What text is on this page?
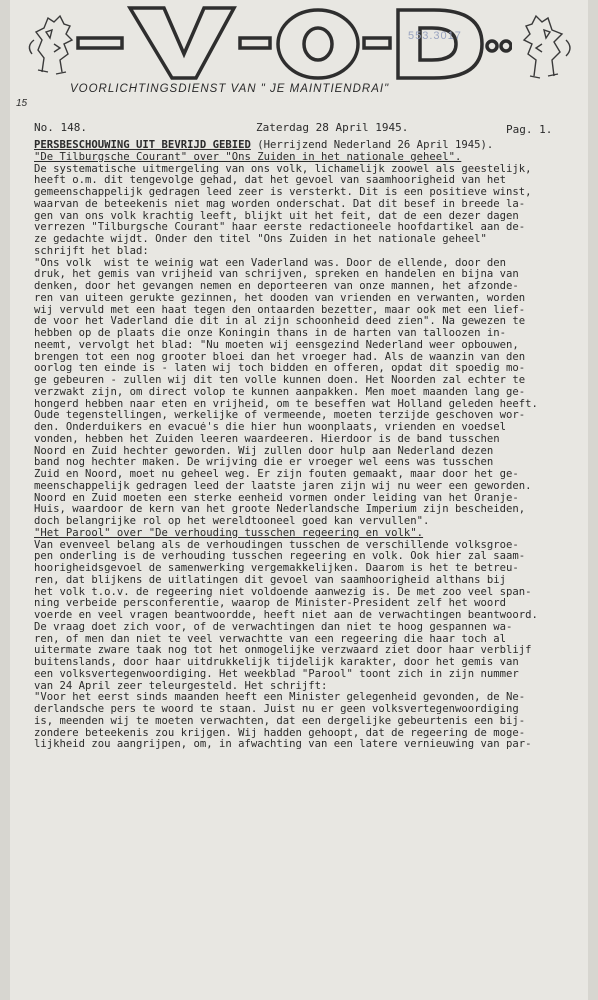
553.3017
VOORLICHTINGSDIENST VAN " JE MAINTIENDRAI"
15
No. 148.	Zaterdag 28 April 1945.	Pag. 1.
PERSBESCHOUWING UIT BEVRIJD GEBIED (Herrijzend Nederland 26 April 1945).
"De Tilburgsche Courant" over "Ons Zuiden in het nationale geheel".
De systematische uitmergeling van ons volk, lichamelijk zoowel als geestelijk,
heeft o.m. dit tengevolge gehad, dat het gevoel van saamhoorigheid van het
gemeenschappelijk gedragen leed zeer is versterkt. Dit is een positieve winst,
waarvan de beteekenis niet mag worden onderschat. Dat dit besef in breede la-
gen van ons volk krachtig leeft, blijkt uit het feit, dat de een dezer dagen
verrezen "Tilburgsche Courant" haar eerste redactioneele hoofdartikel aan de-
ze gedachte wijdt. Onder den titel "Ons Zuiden in het nationale geheel"
schrijft het blad:
"Ons volk  wist te weinig wat een Vaderland was. Door de ellende, door den
druk, het gemis van vrijheid van schrijven, spreken en handelen en bijna van
denken, door het gevangen nemen en deporteeren van onze mannen, het afzonde-
ren van uiteen gerukte gezinnen, het dooden van vrienden en verwanten, worden
wij vervuld met een haat tegen den ontaarden bezetter, maar ook met een lief-
de voor het Vaderland die dit in al zijn schoonheid deed zien". Na gewezen te
hebben op de plaats die onze Koningin thans in de harten van talloozen in-
neemt, vervolgt het blad: "Nu moeten wij eensgezind Nederland weer opbouwen,
brengen tot een nog grooter bloei dan het vroeger had. Als de waanzin van den
oorlog ten einde is - laten wij toch bidden en offeren, opdat dit spoedig mo-
ge gebeuren - zullen wij dit ten volle kunnen doen. Het Noorden zal echter te
verzwakt zijn, om direct volop te kunnen aanpakken. Men moet maanden lang ge-
hongerd hebben naar eten en vrijheid, om te beseffen wat Holland geleden heeft.
Oude tegenstellingen, werkelijke of vermeende, moeten terzijde geschoven wor-
den. Onderduikers en evacué's die hier hun woonplaats, vrienden en voedsel
vonden, hebben het Zuiden leeren waardeeren. Hierdoor is de band tusschen
Noord en Zuid hechter geworden. Wij zullen door hulp aan Nederland dezen
band nog hechter maken. De wrijving die er vroeger wel eens was tusschen
Zuid en Noord, moet nu geheel weg. Er zijn fouten gemaakt, maar door het ge-
meenschappelijk gedragen leed der laatste jaren zijn wij nu weer een geworden.
Noord en Zuid moeten een sterke eenheid vormen onder leiding van het Oranje-
Huis, waardoor de kern van het groote Nederlandsche Imperium zijn bescheiden,
doch belangrijke rol op het wereldtooneel goed kan vervullen".
"Het Parool" over "De verhouding tusschen regeering en volk".
Van evenveel belang als de verhoudingen tusschen de verschillende volksgroe-
pen onderling is de verhouding tusschen regeering en volk. Ook hier zal saam-
hoorigheidsgevoel de samenwerking vergemakkelijken. Daarom is het te betreu-
ren, dat blijkens de uitlatingen dit gevoel van saamhoorigheid althans bij
het volk t.o.v. de regeering niet voldoende aanwezig is. De met zoo veel span-
ning verbeide persconferentie, waarop de Minister-President zelf het woord
voerde en veel vragen beantwoordde, heeft niet aan de verwachtingen beantwoord.
De vraag doet zich voor, of de verwachtingen dan niet te hoog gespannen wa-
ren, of men dan niet te veel verwachtte van een regeering die haar toch al
uitermate zware taak nog tot het onmogelijke verzwaard ziet door haar verblijf
buitenslands, door haar uitdrukkelijk tijdelijk karakter, door het gemis van
een volksvertegenwoordiging. Het weekblad "Parool" toont zich in zijn nummer
van 24 April zeer teleurgesteld. Het schrijft:
"Voor het eerst sinds maanden heeft een Minister gelegenheid gevonden, de Ne-
derlandsche pers te woord te staan. Juist nu er geen volksvertegenwoordiging
is, meenden wij te moeten verwachten, dat een dergelijke gebeurtenis een bij-
zondere beteekenis zou krijgen. Wij hadden gehoopt, dat de regeering de moge-
lijkheid zou aangrijpen, om, in afwachting van een latere vernieuwing van par-
